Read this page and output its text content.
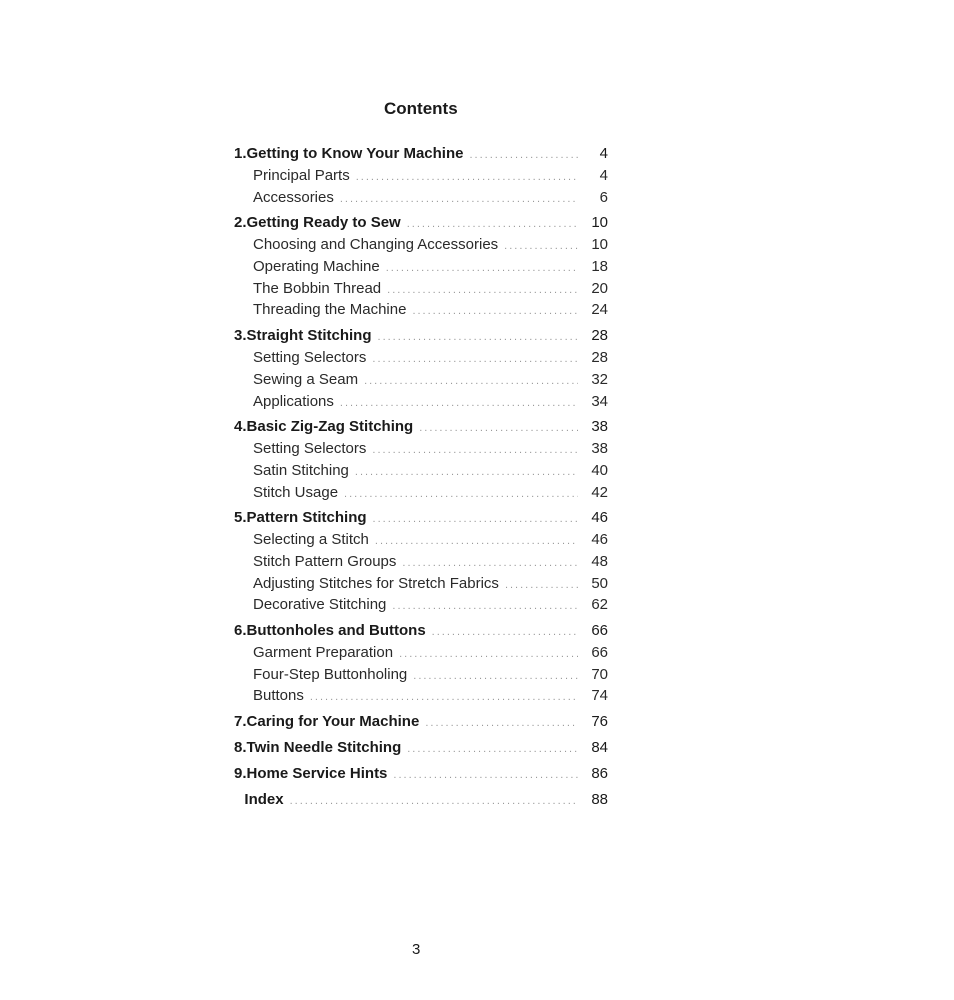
Contents
1. Getting to Know Your Machine .....	4
Principal Parts .....	4
Accessories .....	6
2. Getting Ready to Sew .....	10
Choosing and Changing Accessories .....	10
Operating Machine .....	18
The Bobbin Thread .....	20
Threading the Machine .....	24
3. Straight Stitching .....	28
Setting Selectors .....	28
Sewing a Seam .....	32
Applications .....	34
4. Basic Zig-Zag Stitching .....	38
Setting Selectors .....	38
Satin Stitching .....	40
Stitch Usage .....	42
5. Pattern Stitching .....	46
Selecting a Stitch .....	46
Stitch Pattern Groups .....	48
Adjusting Stitches for Stretch Fabrics .....	50
Decorative Stitching .....	62
6. Buttonholes and Buttons .....	66
Garment Preparation .....	66
Four-Step Buttonholing .....	70
Buttons .....	74
7. Caring for Your Machine .....	76
8. Twin Needle Stitching .....	84
9. Home Service Hints .....	86
Index .....	88
3
